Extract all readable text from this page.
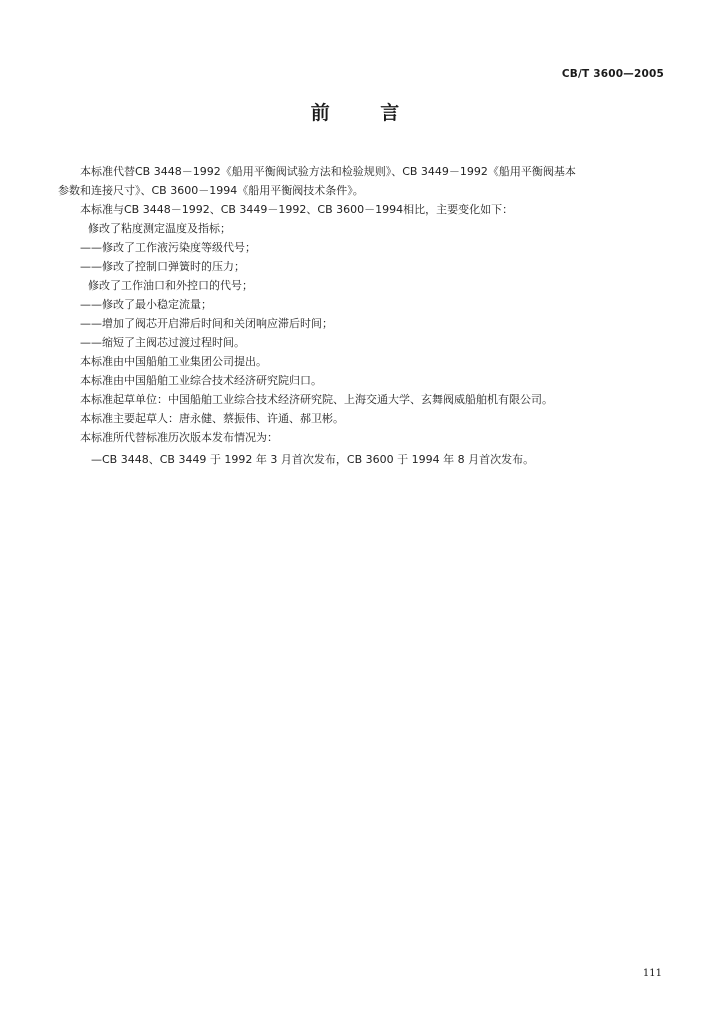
CB/T 3600—2005
前 言

本标准代替CB 3448－1992《船用平衡阀试验方法和检验规则》、CB 3449－1992《船用平衡阀基本

参数和连接尺寸》、CB 3600－1994《船用平衡阀技术条件》。

本标准与CB 3448－1992、CB 3449－1992、CB 3600－1994相比，主要变化如下：

修改了粘度测定温度及指标；

——修改了工作液污染度等级代号；

——修改了控制口弹簧时的压力；

修改了工作油口和外控口的代号；

——修改了最小稳定流量；

——增加了阀芯开启滞后时间和关闭响应滞后时间；

——缩短了主阀芯过渡过程时间。

本标准由中国船舶工业集团公司提出。

本标准由中国船舶工业综合技术经济研究院归口。

本标准起草单位：中国船舶工业综合技术经济研究院、上海交通大学、玄舞阀威船舶机有限公司。

本标准主要起草人：唐永健、蔡振伟、许通、郝卫彬。

本标准所代替标准历次版本发布情况为：

—CB 3448、CB 3449 于 1992 年 3 月首次发布，CB 3600 于 1994 年 8 月首次发布。

111
